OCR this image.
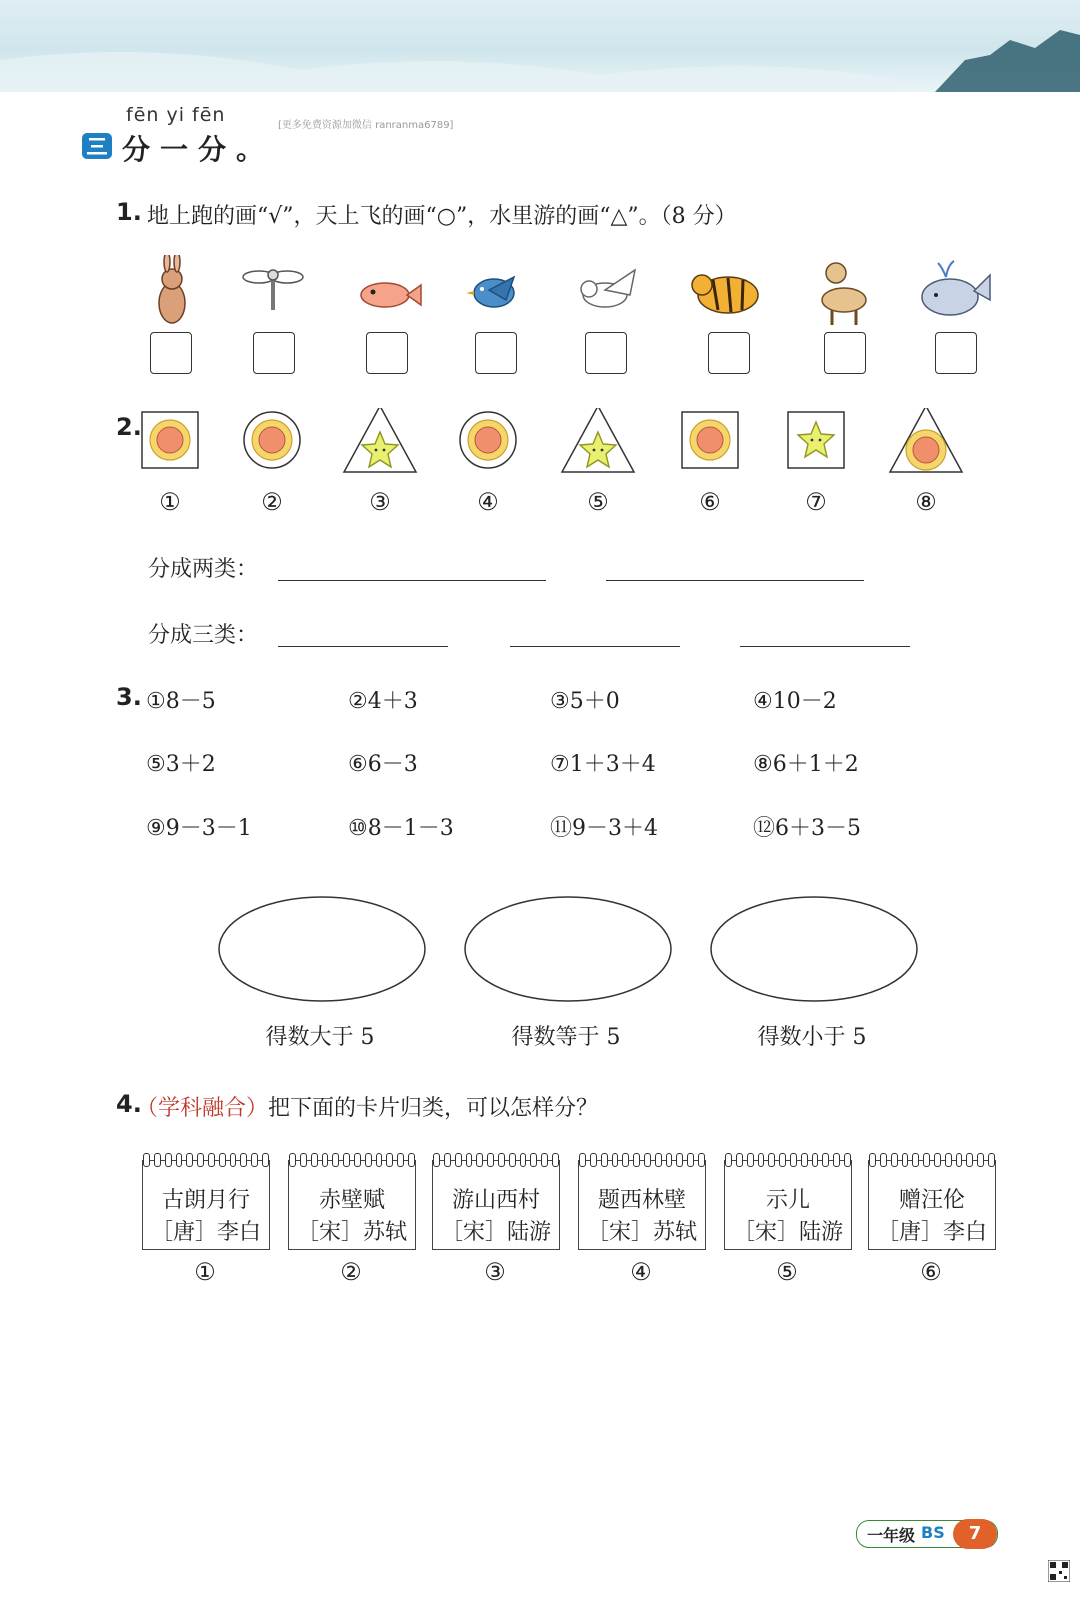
fēn yi fēn	[更多免费资源加微信 ranranma6789]
分一分。
1. 地上跑的画“√”，天上飞的画“○”，水里游的画“△”。（8 分）
2.
①	②	③	④	⑤	⑥	⑦	⑧
分成两类：
分成三类：
3. ①8－5	②4＋3	③5＋0	④10－2
⑤3＋2	⑥6－3	⑦1＋3＋4	⑧6＋1＋2
⑨9－3－1	⑩8－1－3	⑪9－3＋4	⑫6＋3－5
得数大于 5	得数等于 5	得数小于 5
4.
（学科融合）把下面的卡片归类，可以怎样分？
古朗月行
［唐］李白
赤壁赋
［宋］苏轼
游山西村
［宋］陆游
题西林壁
［宋］苏轼
示儿
［宋］陆游
赠汪伦
［唐］李白
①	②	③	④	⑤	⑥
一年级 BS	7
